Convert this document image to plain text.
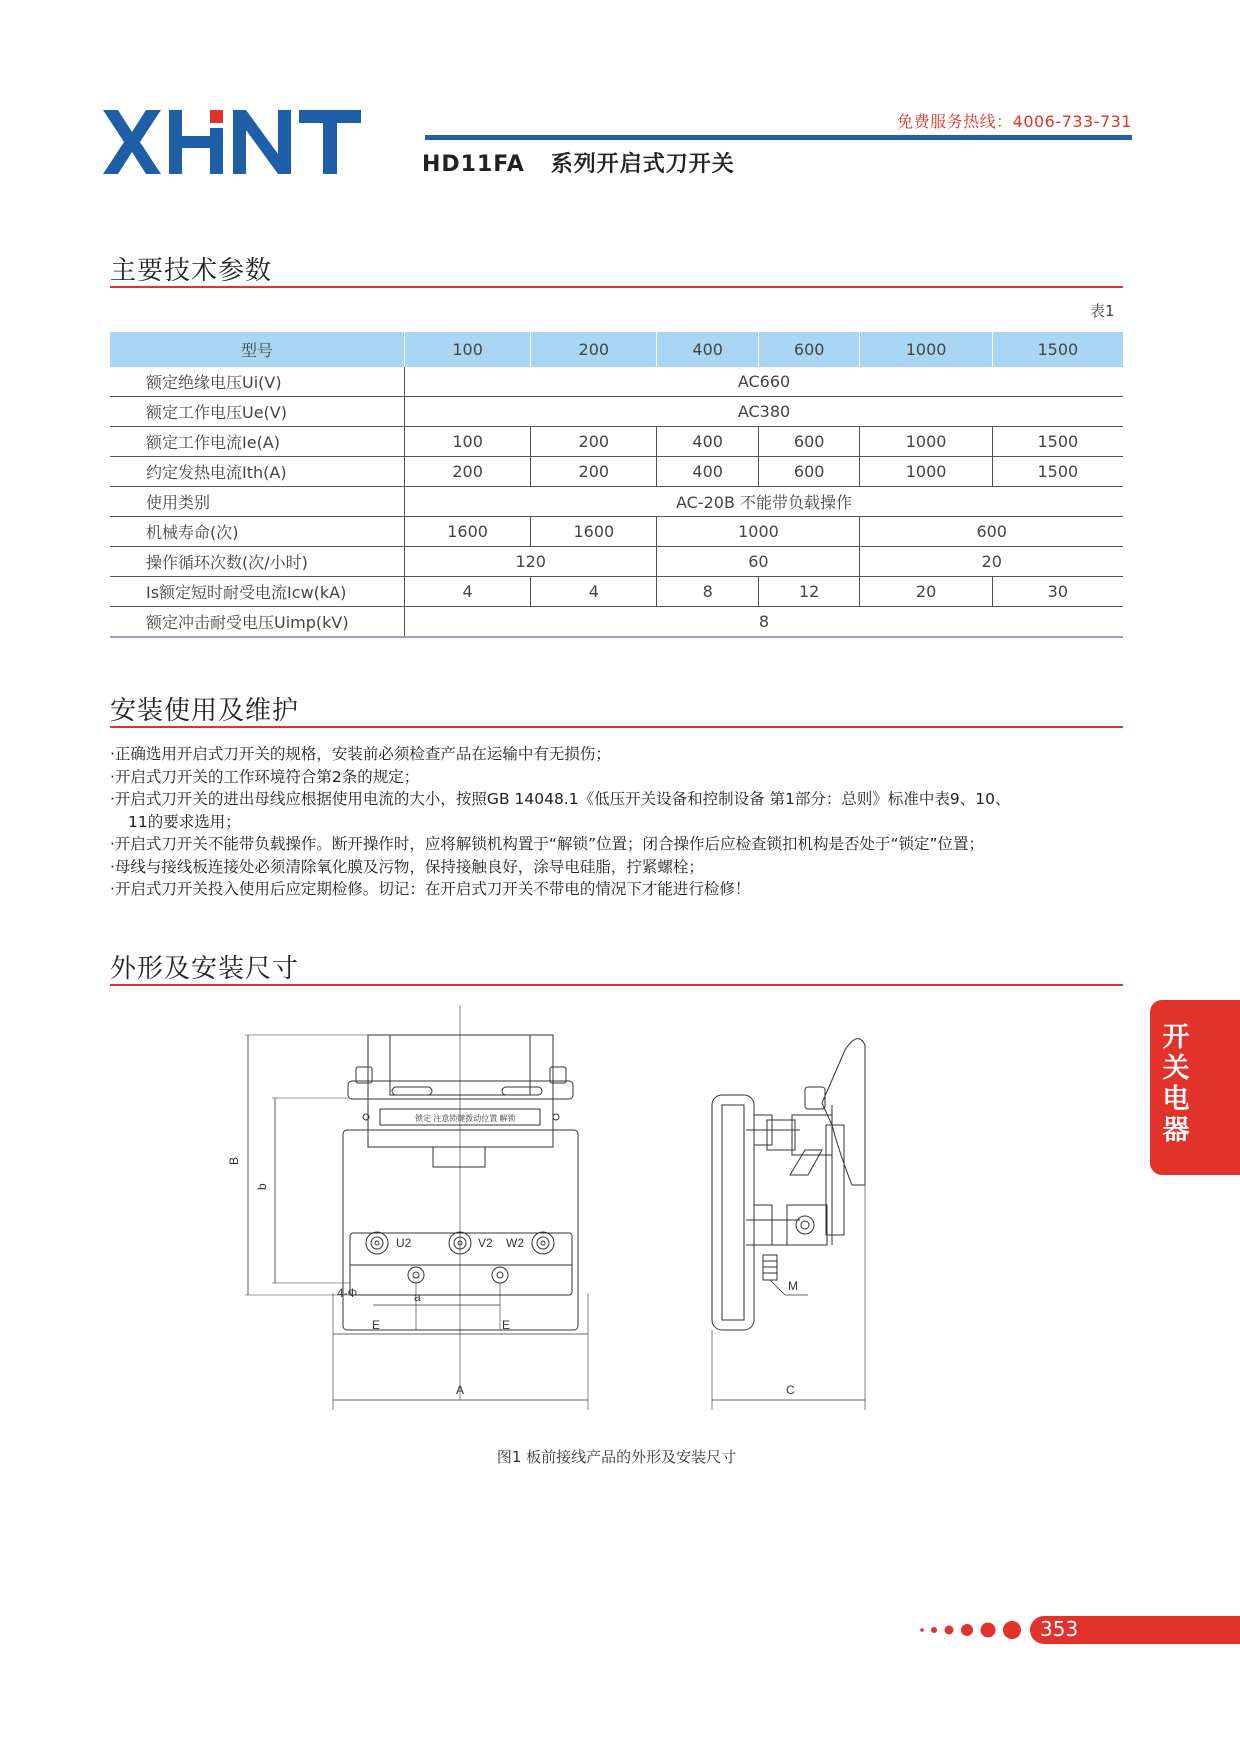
免费服务热线：4006-733-731
HD11FA   系列开启式刀开关
主要技术参数
表1
型号	100	200	400	600	1000	1500
额定绝缘电压Ui(V)	AC660					
额定工作电压Ue(V)	AC380					
额定工作电流Ie(A)	100	200	400	600	1000	1500
约定发热电流Ith(A)	200	200	400	600	1000	1500
使用类别	AC-20B 不能带负载操作					
机械寿命(次)	1600	1600	1000		600	
操作循环次数(次/小时)	120		60		20	
Is额定短时耐受电流Icw(kA)	4	4	8	12	20	30
额定冲击耐受电压Uimp(kV)	8					
安装使用及维护
·正确选用开启式刀开关的规格，安装前必须检查产品在运输中有无损伤；
·开启式刀开关的工作环境符合第2条的规定；
·开启式刀开关的进出母线应根据使用电流的大小，按照GB 14048.1《低压开关设备和控制设备 第1部分：总则》标准中表9、10、
11的要求选用；
·开启式刀开关不能带负载操作。断开操作时，应将解锁机构置于“解锁”位置；闭合操作后应检查锁扣机构是否处于“锁定”位置；
·母线与接线板连接处必须清除氧化膜及污物，保持接触良好，涂导电硅脂，拧紧螺栓；
·开启式刀开关投入使用后应定期检修。切记：在开启式刀开关不带电的情况下才能进行检修！
外形及安装尺寸
锁定 注意锁键拨动位置 解锁
U2	V2 W2
B
b
4-Φ	a
E	E
A
M
C
图1 板前接线产品的外形及安装尺寸
开关电器
353
